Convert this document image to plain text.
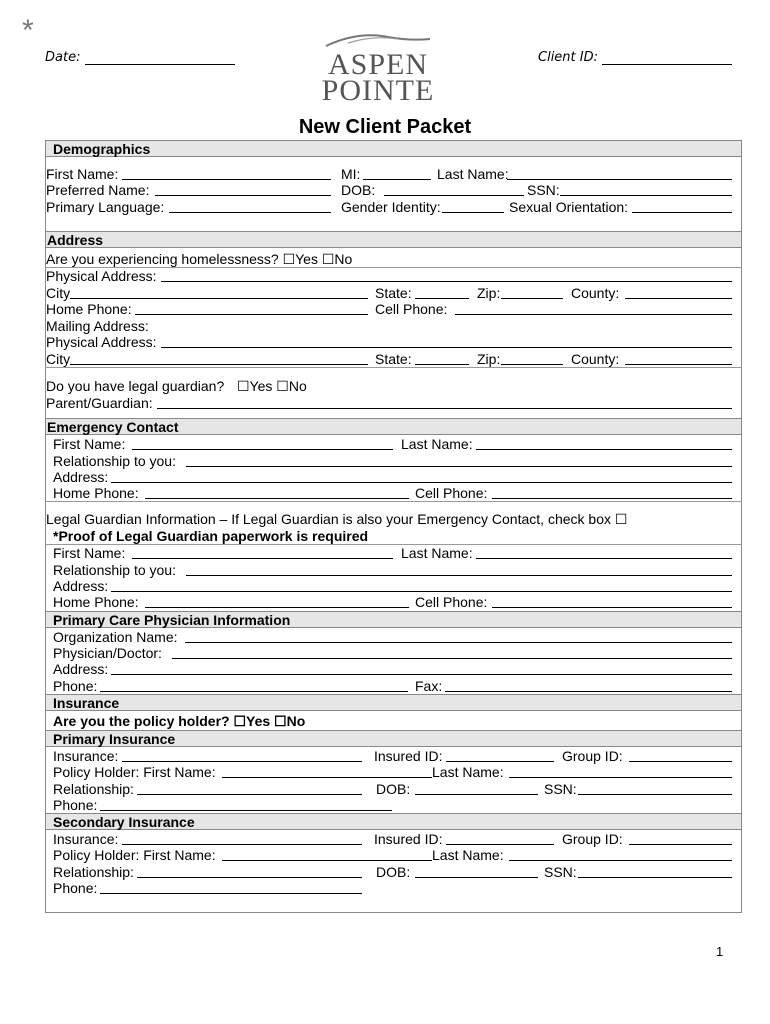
*
Date:	Client ID:
ASPEN
POINTE
New Client Packet
Demographics
First Name:	MI:	Last Name:
Preferred Name:	DOB:	SSN:
Primary Language:	Gender Identity:	Sexual Orientation:
Address
Are you experiencing homelessness? ☐Yes ☐No
Physical Address:
City	State:	Zip:	County:
Home Phone:	Cell Phone:
Mailing Address:
Physical Address:
City	State:	Zip:	County:
Do you have legal guardian? ☐Yes ☐No
Parent/Guardian:
Emergency Contact
First Name:	Last Name:
Relationship to you:
Address:
Home Phone:	Cell Phone:
Legal Guardian Information – If Legal Guardian is also your Emergency Contact, check box ☐
*Proof of Legal Guardian paperwork is required
First Name:	Last Name:
Relationship to you:
Address:
Home Phone:	Cell Phone:
Primary Care Physician Information
Organization Name:
Physician/Doctor:
Address:
Phone:	Fax:
Insurance
Are you the policy holder? ☐Yes ☐No
Primary Insurance
Insurance:	Insured ID:	Group ID:
Policy Holder: First Name:	Last Name:
Relationship:	DOB:	SSN:
Phone:
Secondary Insurance
Insurance:	Insured ID:	Group ID:
Policy Holder: First Name:	Last Name:
Relationship:	DOB:	SSN:
Phone:
1
